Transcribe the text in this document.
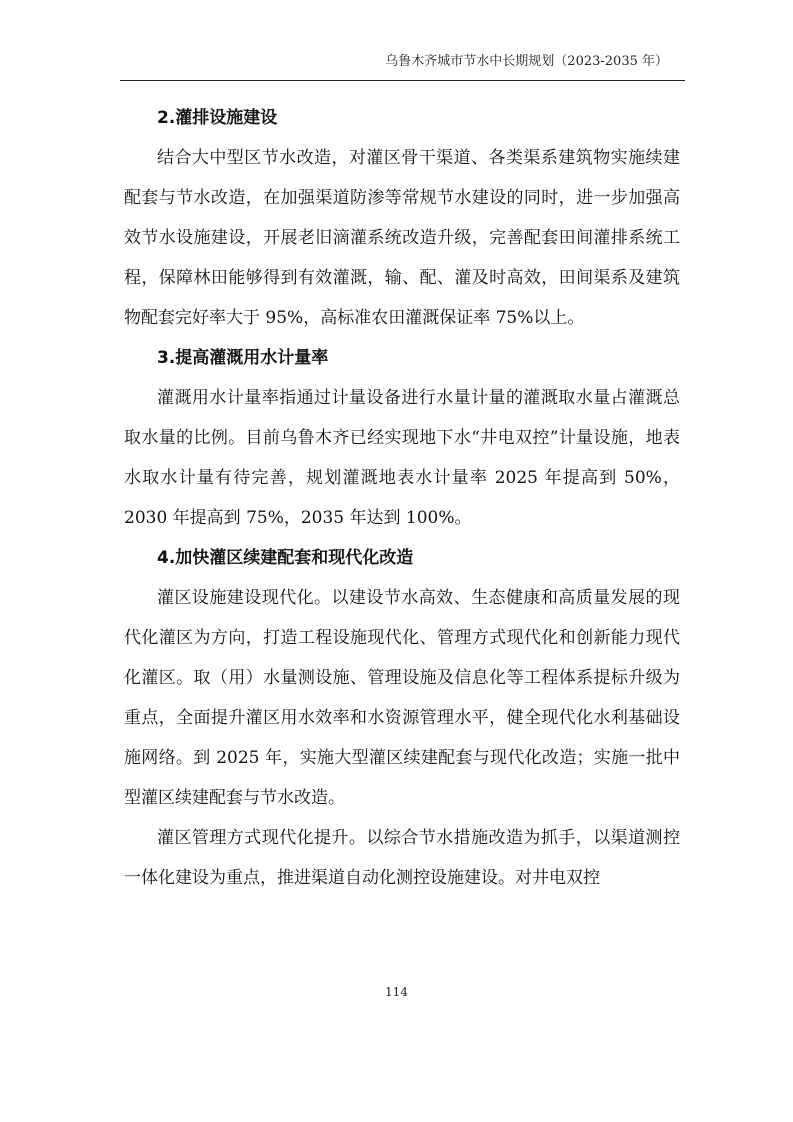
乌鲁木齐城市节水中长期规划（2023-2035 年）
2.灌排设施建设

结合大中型区节水改造，对灌区骨干渠道、各类渠系建筑物实施续建配套与节水改造，在加强渠道防渗等常规节水建设的同时，进一步加强高效节水设施建设，开展老旧滴灌系统改造升级，完善配套田间灌排系统工程，保障林田能够得到有效灌溉，输、配、灌及时高效，田间渠系及建筑物配套完好率大于 95%，高标准农田灌溉保证率 75%以上。

3.提高灌溉用水计量率

灌溉用水计量率指通过计量设备进行水量计量的灌溉取水量占灌溉总取水量的比例。目前乌鲁木齐已经实现地下水“井电双控”计量设施，地表水取水计量有待完善，规划灌溉地表水计量率 2025 年提高到 50%，2030 年提高到 75%，2035 年达到 100%。

4.加快灌区续建配套和现代化改造

灌区设施建设现代化。以建设节水高效、生态健康和高质量发展的现代化灌区为方向，打造工程设施现代化、管理方式现代化和创新能力现代化灌区。取（用）水量测设施、管理设施及信息化等工程体系提标升级为重点，全面提升灌区用水效率和水资源管理水平，健全现代化水利基础设施网络。到 2025 年，实施大型灌区续建配套与现代化改造；实施一批中型灌区续建配套与节水改造。

灌区管理方式现代化提升。以综合节水措施改造为抓手，以渠道测控一体化建设为重点，推进渠道自动化测控设施建设。对井电双控

114
